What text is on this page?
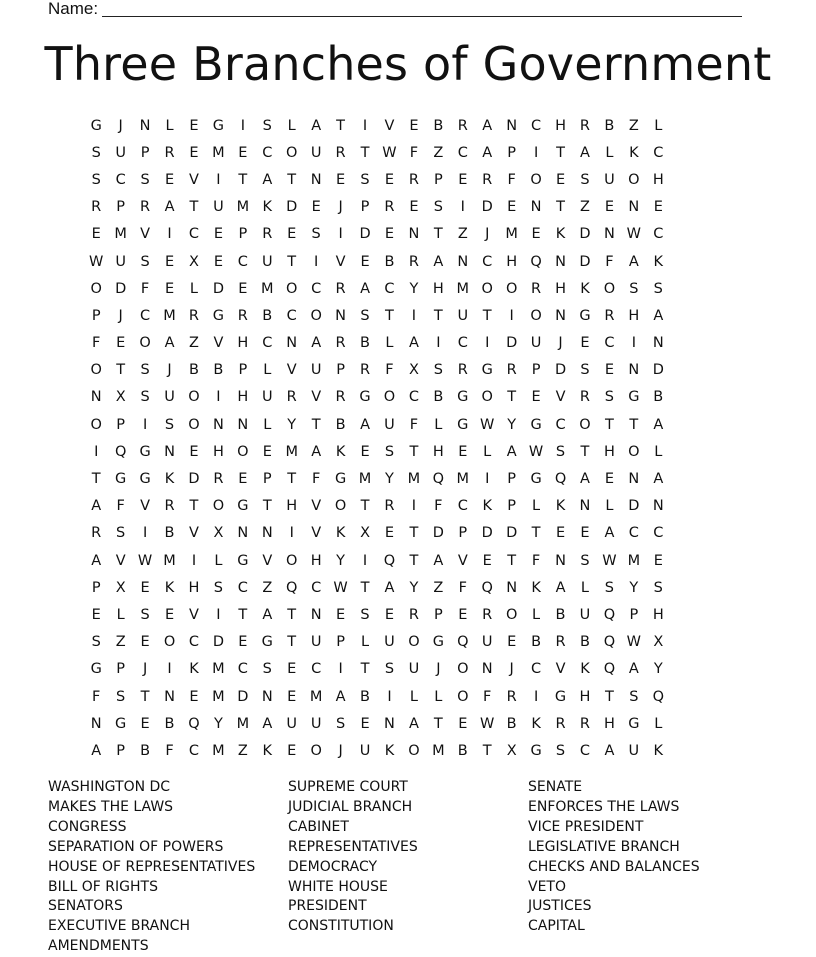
Name:
Three Branches of Government
G	J	N	L	E G	I	S	L	A	T	I	V	E	B R A N C H R B	Z	L
S	U	P	R	E M E	C O U R	T W F	Z C A	P	I	T	A	L	K	C
S	C	S	E	V	I	T	A	T	N E	S	E	R	P	E	R	F	O E	S	U O H
R	P	R A	T	U M K D E	J	P	R	E	S	I	D E N	T	Z	E N E
E M V	I	C	E	P	R	E	S	I	D E N	T	Z	J	M E	K D N W C
W U	S	E	X	E	C U	T	I	V	E	B R A N C H Q N D	F	A	K
O D	F	E	L	D E M O C R A C	Y	H M O O R H K O S	S
P	J	C M R G R B C O N S	T	I	T	U	T	I	O N G R H A
F	E O A	Z	V H C N A R B	L	A	I	C	I	D U	J	E	C	I	N
O T	S	J	B B	P	L	V U	P	R	F	X	S	R G R	P D S	E N D
N X	S	U O	I	H U R V R G O C B G O T	E	V R	S G B
O P	I	S O N N	L	Y	T	B	A U	F	L	G W Y G C O T	T	A
I	Q G N E H O E M A	K	E	S	T	H E	L	A W S	T	H O	L
T G G K D R	E	P	T	F	G M Y M Q M	I	P G Q A	E N A
A	F	V R	T O G T	H V O T	R	I	F	C	K	P	L	K N	L	D N
R	S	I	B	V	X N N	I	V	K	X	E	T D P D D T	E	E	A C C
A	V W M	I	L	G V O H	Y	I	Q T	A	V	E	T	F	N S W M E
P	X	E	K H S	C Z Q C W T	A	Y	Z	F	Q N K	A	L	S	Y	S
E	L	S	E	V	I	T	A	T	N E	S	E	R	P	E	R O	L	B U Q P	H
S	Z	E O C D E G T	U	P	L	U O G Q U	E	B R B Q W X
G P	J	I	K M C	S	E	C	I	T	S	U	J	O N	J	C V	K Q A	Y
F	S	T	N E M D N E M A	B	I	L	L	O	F	R	I	G H	T	S Q
N G E	B Q Y M A U U	S	E N A	T	E W B	K	R R H G	L
A	P	B	F	C M Z	K	E O	J	U K O M B	T	X G S	C A U K
WASHINGTON DC
MAKES THE LAWS
CONGRESS
SEPARATION OF POWERS
HOUSE OF REPRESENTATIVES
BILL OF RIGHTS
SENATORS
EXECUTIVE BRANCH
AMENDMENTS
SUPREME COURT
JUDICIAL BRANCH
CABINET
REPRESENTATIVES
DEMOCRACY
WHITE HOUSE
PRESIDENT
CONSTITUTION
SENATE
ENFORCES THE LAWS
VICE PRESIDENT
LEGISLATIVE BRANCH
CHECKS AND BALANCES
VETO
JUSTICES
CAPITAL
